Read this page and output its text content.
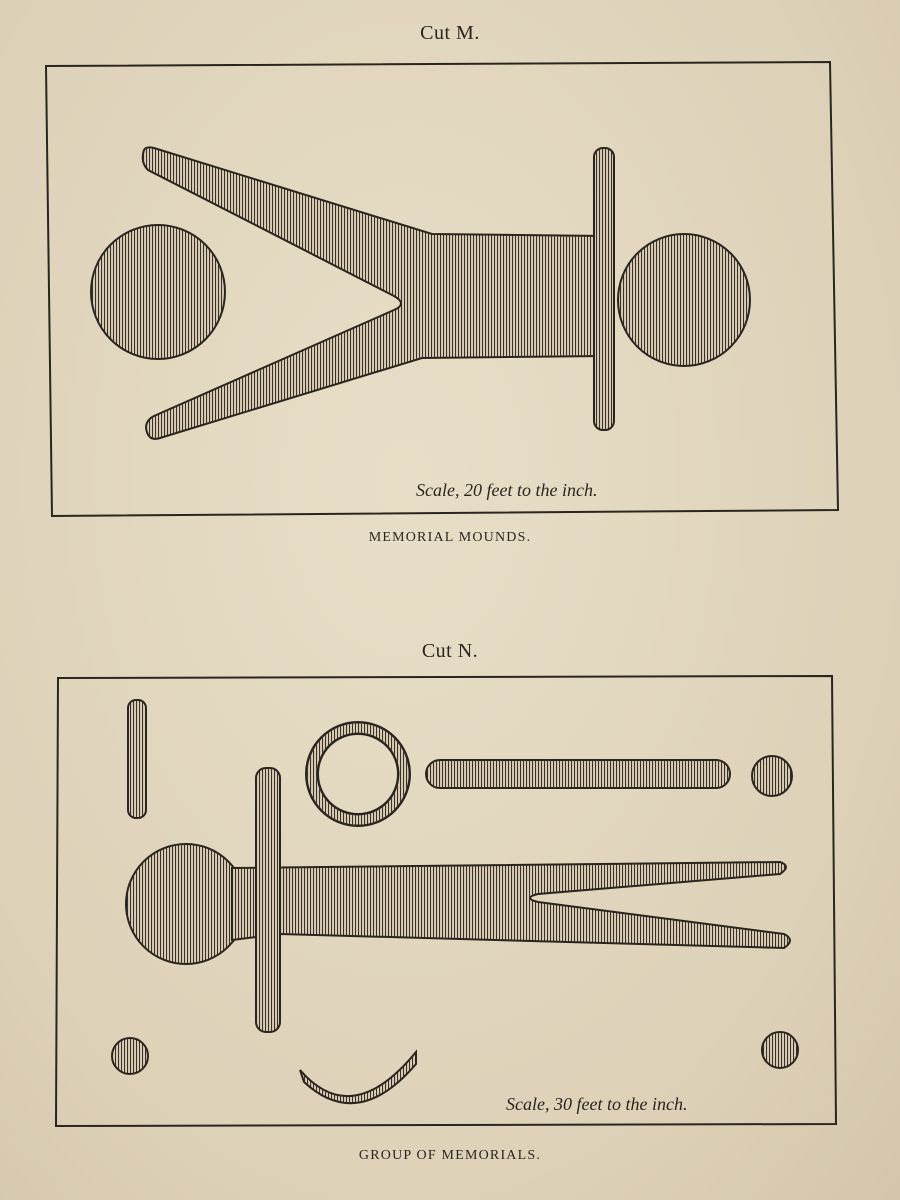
Cut M.
Scale, 20 feet to the inch.
MEMORIAL MOUNDS.
Cut N.
Scale, 30 feet to the inch.
GROUP OF MEMORIALS.
